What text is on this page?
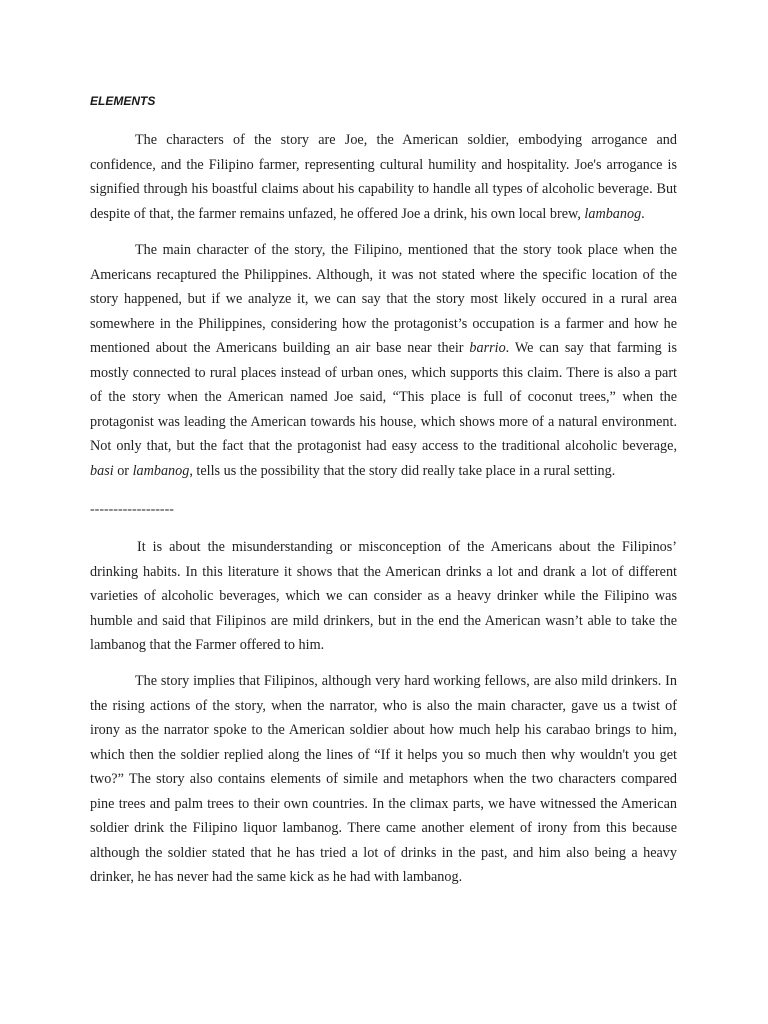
ELEMENTS

The characters of the story are Joe, the American soldier, embodying arrogance and confidence, and the Filipino farmer, representing cultural humility and hospitality. Joe's arrogance is signified through his boastful claims about his capability to handle all types of alcoholic beverage. But despite of that, the farmer remains unfazed, he offered Joe a drink, his own local brew, lambanog.

The main character of the story, the Filipino, mentioned that the story took place when the Americans recaptured the Philippines. Although, it was not stated where the specific location of the story happened, but if we analyze it, we can say that the story most likely occured in a rural area somewhere in the Philippines, considering how the protagonist’s occupation is a farmer and how he mentioned about the Americans building an air base near their barrio. We can say that farming is mostly connected to rural places instead of urban ones, which supports this claim. There is also a part of the story when the American named Joe said, “This place is full of coconut trees,” when the protagonist was leading the American towards his house, which shows more of a natural environment. Not only that, but the fact that the protagonist had easy access to the traditional alcoholic beverage, basi or lambanog, tells us the possibility that the story did really take place in a rural setting.

------------------

It is about the misunderstanding or misconception of the Americans about the Filipinos’ drinking habits. In this literature it shows that the American drinks a lot and drank a lot of different varieties of alcoholic beverages, which we can consider as a heavy drinker while the Filipino was humble and said that Filipinos are mild drinkers, but in the end the American wasn’t able to take the lambanog that the Farmer offered to him.

The story implies that Filipinos, although very hard working fellows, are also mild drinkers. In the rising actions of the story, when the narrator, who is also the main character, gave us a twist of irony as the narrator spoke to the American soldier about how much help his carabao brings to him, which then the soldier replied along the lines of “If it helps you so much then why wouldn't you get two?” The story also contains elements of simile and metaphors when the two characters compared pine trees and palm trees to their own countries. In the climax parts, we have witnessed the American soldier drink the Filipino liquor lambanog. There came another element of irony from this because although the soldier stated that he has tried a lot of drinks in the past, and him also being a heavy drinker, he has never had the same kick as he had with lambanog.
